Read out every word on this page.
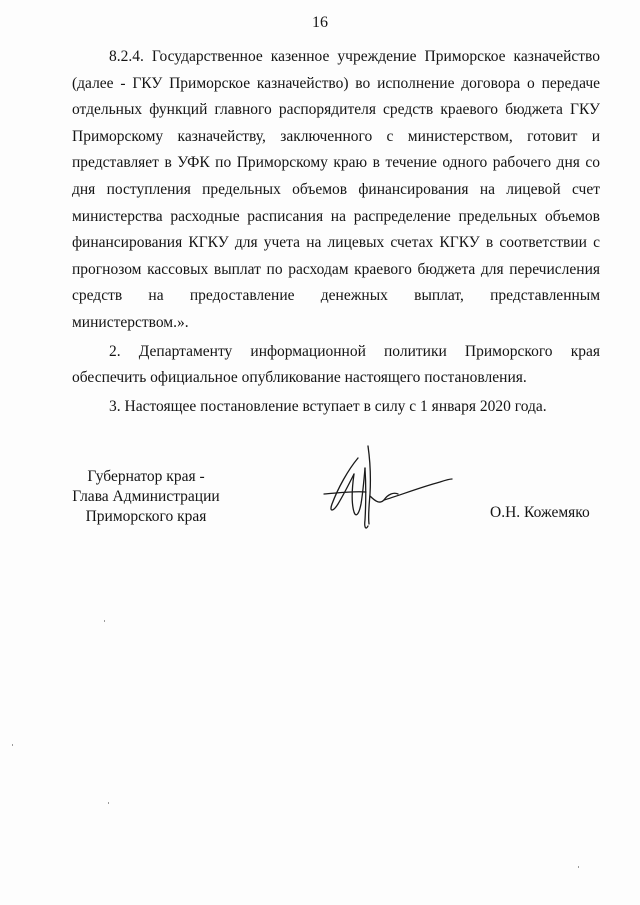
16

8.2.4. Государственное казенное учреждение Приморское казначейство (далее - ГКУ Приморское казначейство) во исполнение договора о передаче отдельных функций главного распорядителя средств краевого бюджета ГКУ Приморскому казначейству, заключенного с министерством, готовит и представляет в УФК по Приморскому краю в течение одного рабочего дня со дня поступления предельных объемов финансирования на лицевой счет министерства расходные расписания на распределение предельных объемов финансирования КГКУ для учета на лицевых счетах КГКУ в соответствии с прогнозом кассовых выплат по расходам краевого бюджета для перечисления средств на предоставление денежных выплат, представленным министерством.».

2. Департаменту информационной политики Приморского края обеспечить официальное опубликование настоящего постановления.

3. Настоящее постановление вступает в силу с 1 января 2020 года.

Губернатор края -
Глава Администрации
Приморского края	О.Н. Кожемяко
